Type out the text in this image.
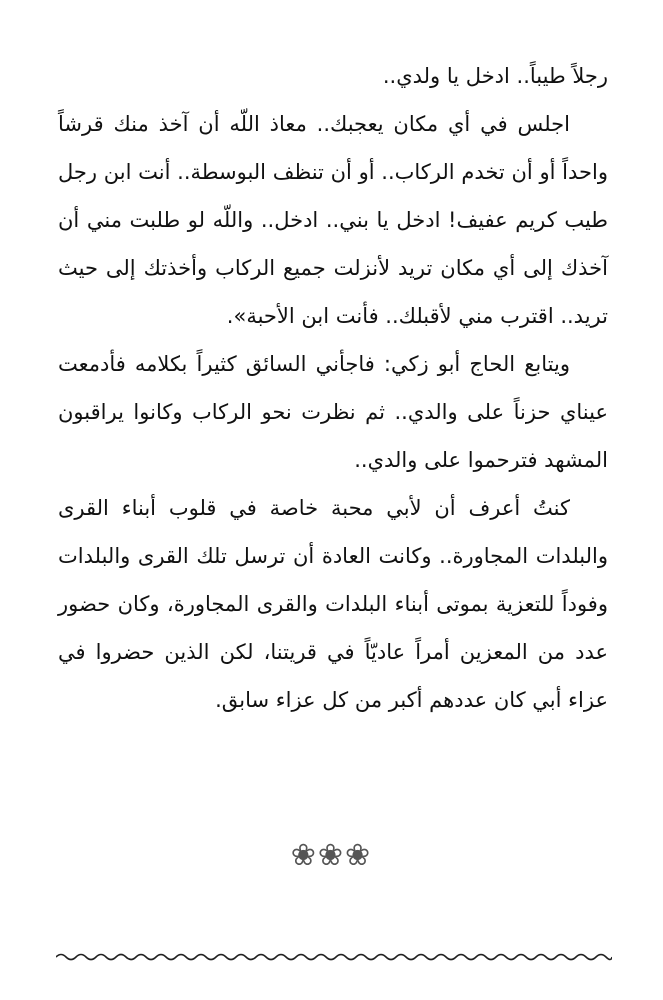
رجلاً طيباً.. ادخل يا ولدي..

اجلس في أي مكان يعجبك.. معاذ اللّه أن آخذ منك قرشاً واحداً أو أن تخدم الركاب.. أو أن تنظف البوسطة.. أنت ابن رجل طيب كريم عفيف! ادخل يا بني.. ادخل.. واللّه لو طلبت مني أن آخذك إلى أي مكان تريد لأنزلت جميع الركاب وأخذتك إلى حيث تريد.. اقترب مني لأقبلك.. فأنت ابن الأحبة».

ويتابع الحاج أبو زكي: فاجأني السائق كثيراً بكلامه فأدمعت عيناي حزناً على والدي.. ثم نظرت نحو الركاب وكانوا يراقبون المشهد فترحموا على والدي..

كنتُ أعرف أن لأبي محبة خاصة في قلوب أبناء القرى والبلدات المجاورة.. وكانت العادة أن ترسل تلك القرى والبلدات وفوداً للتعزية بموتى أبناء البلدات والقرى المجاورة، وكان حضور عدد من المعزين أمراً عاديّاً في قريتنا، لكن الذين حضروا في عزاء أبي كان عددهم أكبر من كل عزاء سابق.

❀❀❀
